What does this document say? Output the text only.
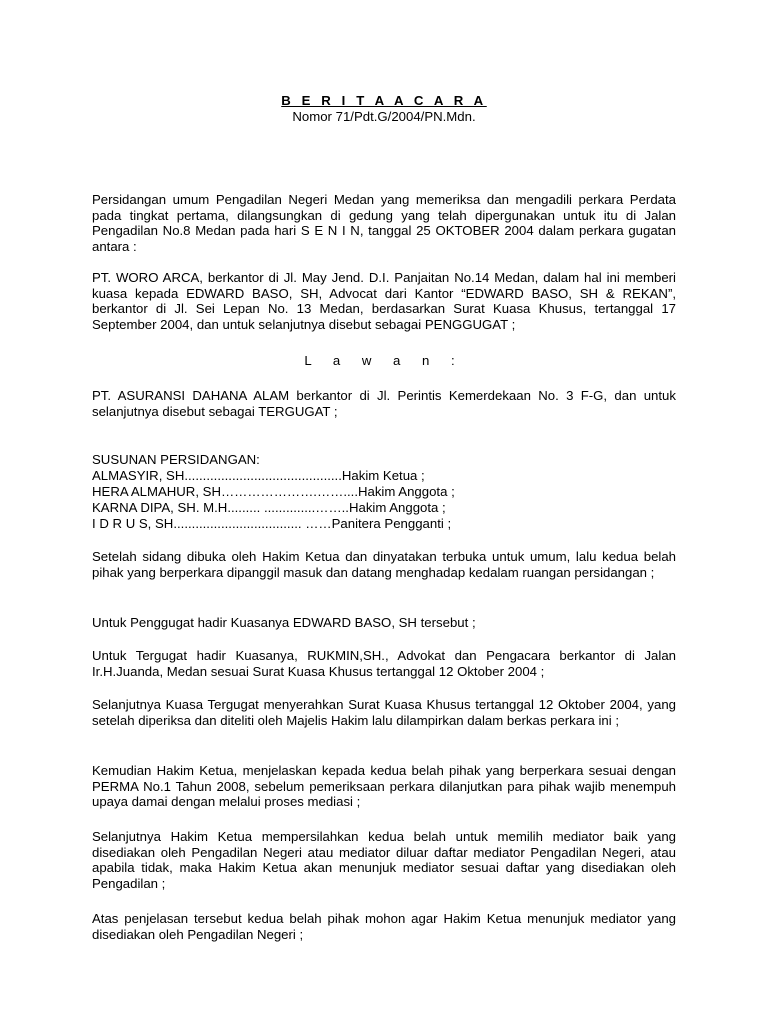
B E R I T A A C A R A
Nomor 71/Pdt.G/2004/PN.Mdn.

Persidangan umum Pengadilan Negeri Medan yang memeriksa dan mengadili perkara Perdata pada tingkat pertama, dilangsungkan di gedung yang telah dipergunakan untuk itu di Jalan Pengadilan No.8 Medan pada hari S E N I N, tanggal 25 OKTOBER 2004 dalam perkara gugatan antara :

PT. WORO ARCA, berkantor di Jl. May Jend. D.I. Panjaitan No.14 Medan, dalam hal ini memberi kuasa kepada EDWARD BASO, SH, Advocat dari Kantor “EDWARD BASO, SH & REKAN”, berkantor di Jl. Sei Lepan No. 13 Medan, berdasarkan Surat Kuasa Khusus, tertanggal 17 September 2004, dan untuk selanjutnya disebut sebagai PENGGUGAT ;

L a w a n :

PT. ASURANSI DAHANA ALAM berkantor di Jl. Perintis Kemerdekaan No. 3 F-G, dan untuk selanjutnya disebut sebagai TERGUGAT ;

SUSUNAN PERSIDANGAN:
ALMASYIR, SH...........................................Hakim Ketua ;
HERA ALMAHUR, SH………………….……....Hakim Anggota ;
KARNA DIPA, SH. M.H......... ..............……..Hakim Anggota ;
I D R U S, SH................................... ……Panitera Pengganti ;

Setelah sidang dibuka oleh Hakim Ketua dan dinyatakan terbuka untuk umum, lalu kedua belah pihak yang berperkara dipanggil masuk dan datang menghadap kedalam ruangan persidangan ;

Untuk Penggugat hadir Kuasanya EDWARD BASO, SH tersebut ;

Untuk Tergugat hadir Kuasanya, RUKMIN,SH., Advokat dan Pengacara berkantor di Jalan Ir.H.Juanda, Medan sesuai Surat Kuasa Khusus tertanggal 12 Oktober 2004 ;

Selanjutnya Kuasa Tergugat menyerahkan Surat Kuasa Khusus tertanggal 12 Oktober 2004, yang setelah diperiksa dan diteliti oleh Majelis Hakim lalu dilampirkan dalam berkas perkara ini ;

Kemudian Hakim Ketua, menjelaskan kepada kedua belah pihak yang berperkara sesuai dengan PERMA No.1 Tahun 2008, sebelum pemeriksaan perkara dilanjutkan para pihak wajib menempuh upaya damai dengan melalui proses mediasi ;

Selanjutnya Hakim Ketua mempersilahkan kedua belah untuk memilih mediator baik yang disediakan oleh Pengadilan Negeri atau mediator diluar daftar mediator Pengadilan Negeri, atau apabila tidak, maka Hakim Ketua akan menunjuk mediator sesuai daftar yang disediakan oleh Pengadilan ;

Atas penjelasan tersebut kedua belah pihak mohon agar Hakim Ketua menunjuk mediator yang disediakan oleh Pengadilan Negeri ;
